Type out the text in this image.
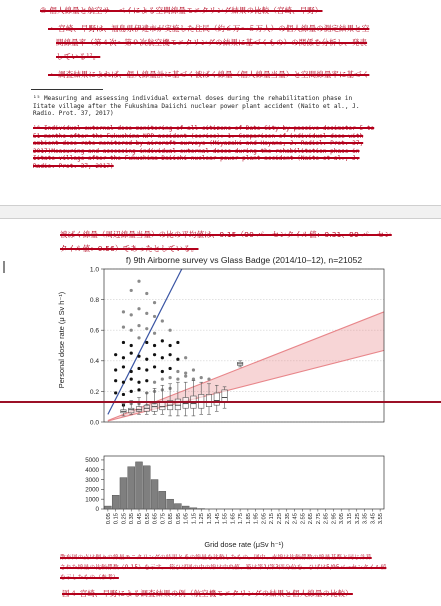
② 個人線量と航空サーベイによる空間線量モニタリング結果の比較（宮崎、早野）
・ 宮崎、早野は、福島県伊達市が実施した住民（約６万～５万人）の個人線量の測定結果と空
間線量率（第４次～第９次航空機モニタリングの結果に基づくもの）の関係を分析し、発表
している¹⁷。
・ 調査結果によれば、個人線量計に基づく被ばく線量（個人線量当量）と空間線量率に基づく
¹⁵ Measuring and assessing individual external doses during the rehabilitation phase in
Iitate village after the Fukushima Daiichi nuclear power plant accident (Naito et al., J.
Radio. Prot. 37, 2017)
¹⁶ Individual external dose monitoring of all citizens of Date City by passive dosimeter 5 to
51 months after the Fukushima NPP accident (series): 1. Comparison of individual dose with
ambient dose rate monitored by aircraft surveys (Miyazaki and Hayano, J. Radiol. Prot. 37,
2017)Measuring and assessing individual external doses during the rehabilitation phase in
Iitate village after the Fukushima Daiichi nuclear power plant accident (Naito et al., J.
Radio. Prot. 37, 2017)
被ばく線量（周辺線量当量）の比の平均値は、0.15（90 パーセンタイル値：0.31、99 パーセン
タイル値：0.56）であったとしている。
f) 9th Airborne survey vs Glass Badge (2014/10–12), n=21052
0.0
0.2
0.4
0.6
0.8
1.0
Personal dose rate (μ Sv h⁻¹)
0
1000
2000
3000
4000
5000
0.05 0.15 0.25 0.35 0.45 0.55 0.65 0.75 0.85 0.95 1.05 1.15 1.25 1.35 1.45 1.55 1.65 1.75 1.85 1.95 2.05 2.15 2.25 2.35 2.45 2.55 2.65 2.75 2.85 2.95 3.05 3.15 3.25 3.35 3.45 3.55
Grid dose rate (μSv h⁻¹)
散布図の点は個々の線量モニタリングの結果とその線量を比較したもの。図中、赤線は比較係数の線量基準と同じ計算
された線量の比較係数（0.15）を示す。 箱ひげ図の中の線は中央値、箱は第1/第3四分位を、ひげは5/95パーセンタイル値
を示したもの（参考）
図４ 宮崎、早野による調査結果の例（航空機モニタリングの結果と個人線量の比較）
